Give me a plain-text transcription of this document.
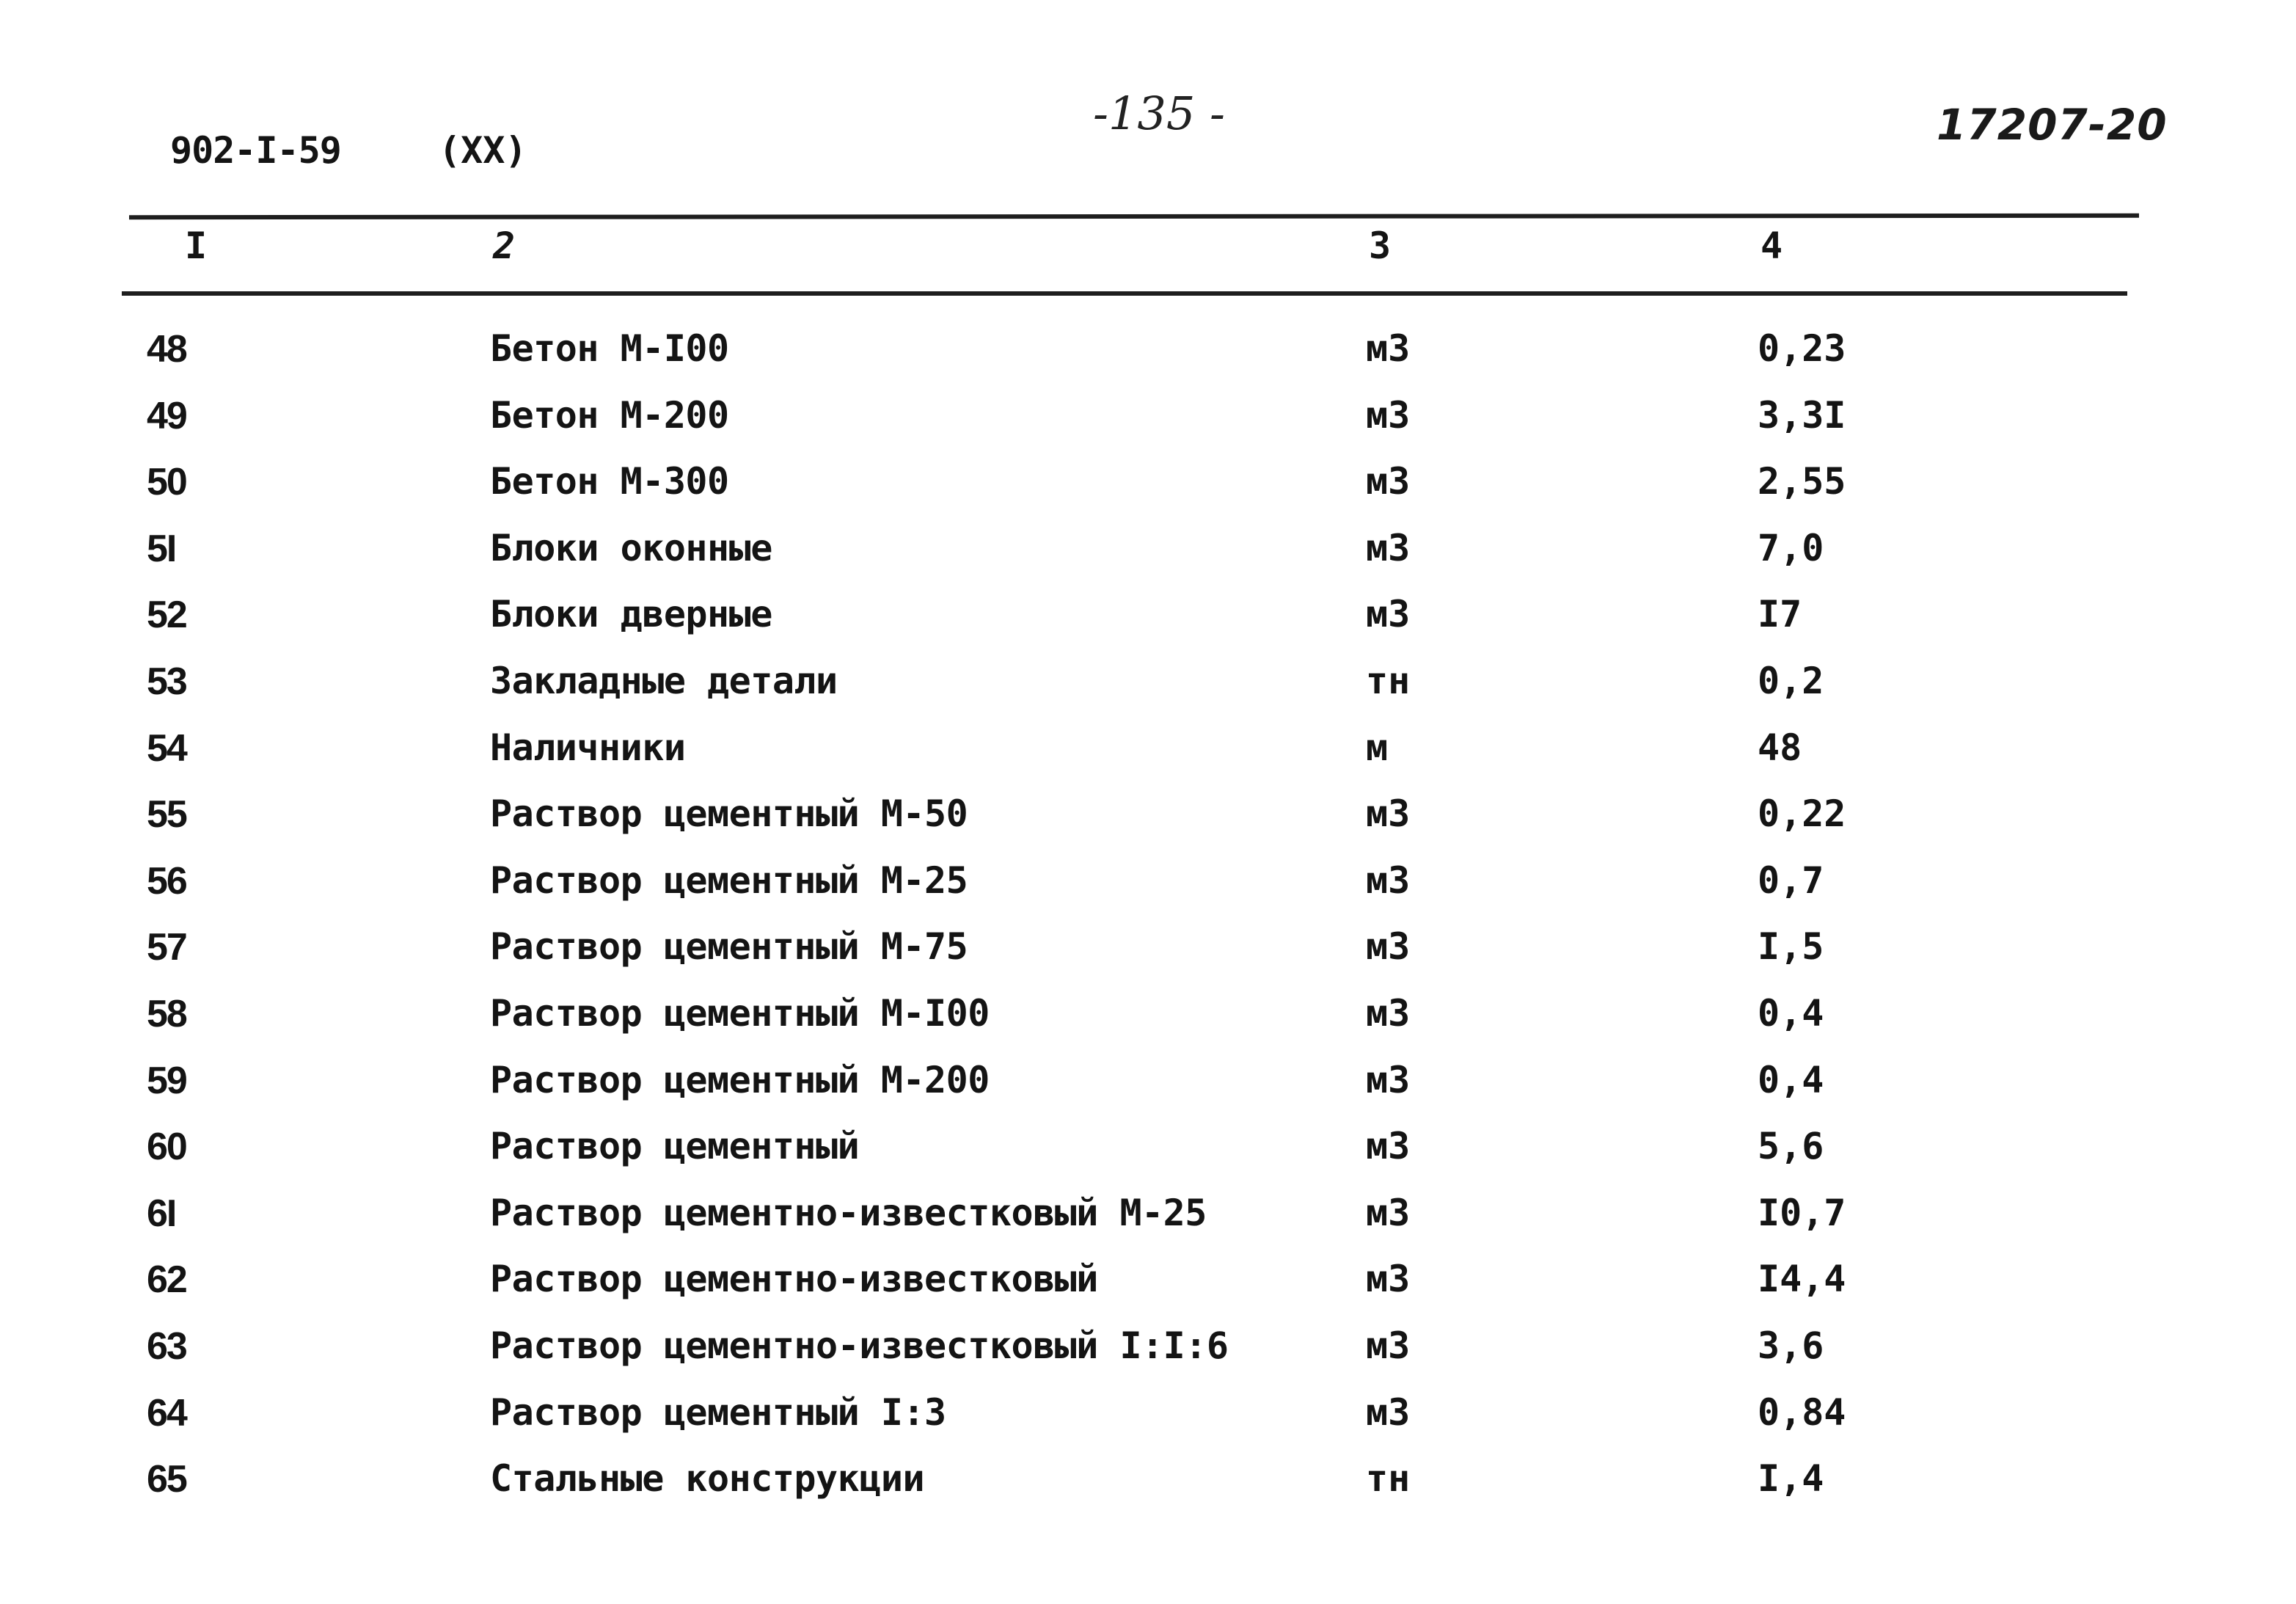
902-I-59	(XX)
-135 -	17207-20
I	2	3	4
48	Бетон М-I00	м3	0,23
49	Бетон М-200	м3	3,3I
50	Бетон М-300	м3	2,55
5I	Блоки оконные	м3	7,0
52	Блоки дверные	м3	I7
53	Закладные детали	тн	0,2
54	Наличники	м	48
55	Раствор цементный М-50	м3	0,22
56	Раствор цементный М-25	м3	0,7
57	Раствор цементный М-75	м3	I,5
58	Раствор цементный М-I00	м3	0,4
59	Раствор цементный М-200	м3	0,4
60	Раствор цементный	м3	5,6
6I	Раствор цементно-известковый М-25	м3	I0,7
62	Раствор цементно-известковый	м3	I4,4
63	Раствор цементно-известковый I:I:6	м3	3,6
64	Раствор цементный I:3	м3	0,84
65	Стальные конструкции	тн	I,4
